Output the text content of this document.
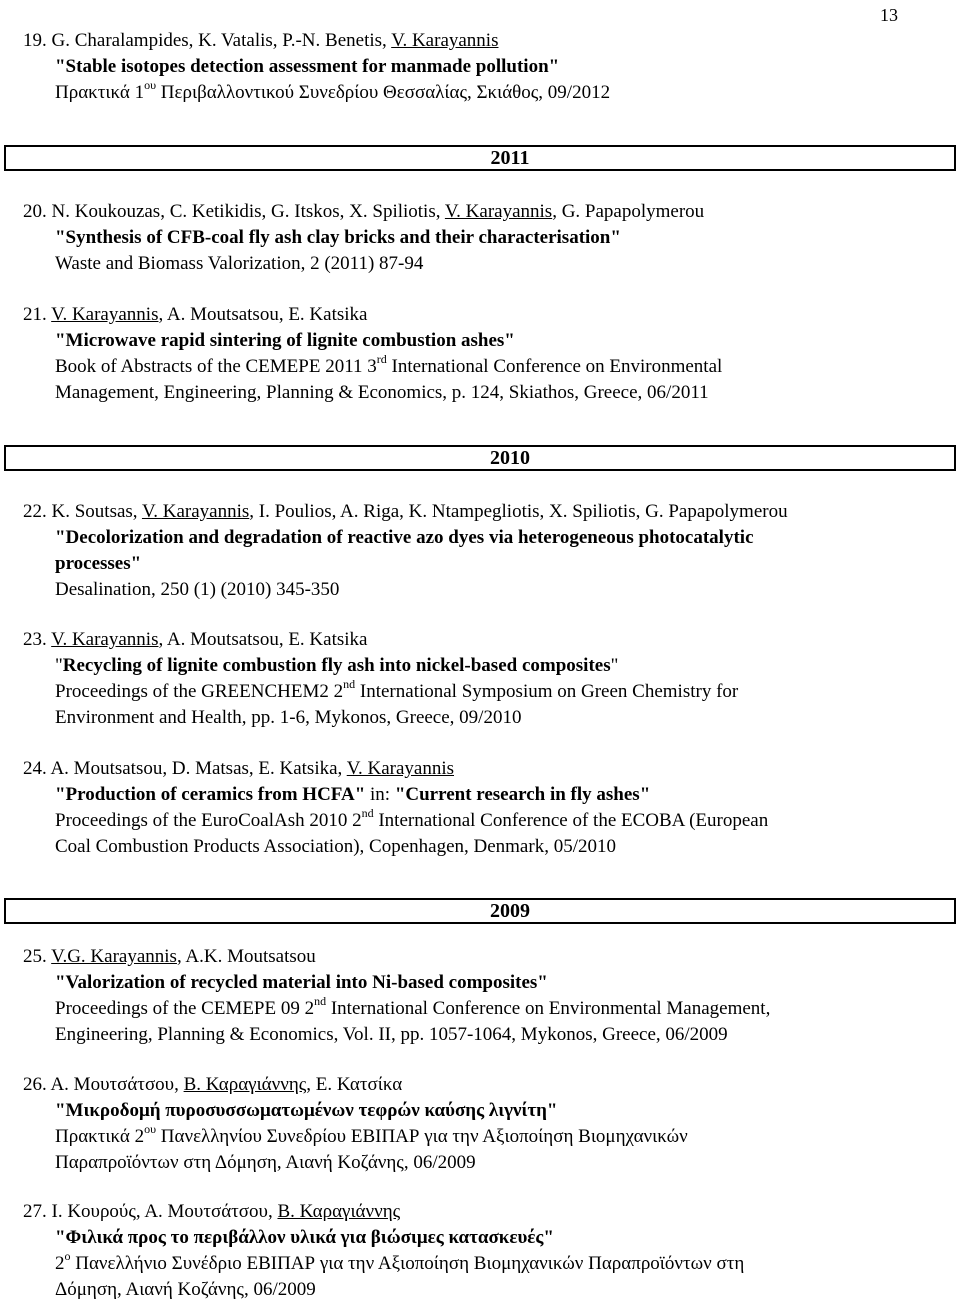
13
19. G. Charalampides, K. Vatalis, P.-N. Benetis, V. Karayannis
"Stable isotopes detection assessment for manmade pollution"
Πρακτικά $1^{o\upsilon}$ Περιβαλλοντικού Συνεδρίου Θεσσαλίας, Σκιάθος, 09/2012
2011
20. N. Koukouzas, C. Ketikidis, G. Itskos, X. Spiliotis, V. Karayannis, G. Papapolymerou
"Synthesis of CFB-coal fly ash clay bricks and their characterisation"
Waste and Biomass Valorization, 2 (2011) 87-94
21. V. Karayannis, A. Moutsatsou, E. Katsika
"Microwave rapid sintering of lignite combustion ashes"
Book of Abstracts of the CEMEPE 2011 3rd International Conference on Environmental
Management, Engineering, Planning & Economics, p. 124, Skiathos, Greece, 06/2011
2010
22. K. Soutsas, V. Karayannis, I. Poulios, A. Riga, K. Ntampegliotis, X. Spiliotis, G. Papapolymerou
"Decolorization and degradation of reactive azo dyes via heterogeneous photocatalytic
processes"
Desalination, 250 (1) (2010) 345-350
23. V. Karayannis, A. Moutsatsou, E. Katsika
"Recycling of lignite combustion fly ash into nickel-based composites"
Proceedings of the GREENCHEM2 2nd International Symposium on Green Chemistry for
Environment and Health, pp. 1-6, Mykonos, Greece, 09/2010
24. A. Moutsatsou, D. Matsas, E. Katsika, V. Karayannis
"Production of ceramics from HCFA" in: "Current research in fly ashes"
Proceedings of the EuroCoalAsh 2010 2nd International Conference of the ECOBA (European
Coal Combustion Products Association), Copenhagen, Denmark, 05/2010
2009
25. V.G. Karayannis, A.K. Moutsatsou
"Valorization of recycled material into Ni-based composites"
Proceedings of the CEMEPE 09 2nd International Conference on Environmental Management,
Engineering, Planning & Economics, Vol. II, pp. 1057-1064, Mykonos, Greece, 06/2009
26. Α. Μουτσάτσου, Β. Καραγιάννης, Ε. Κατσίκα
"Μικροδομή πυροσυσσωματωμένων τεφρών καύσης λιγνίτη"
Πρακτικά $2^{o\upsilon}$ Πανελληνίου Συνεδρίου ΕΒΙΠΑΡ για την Αξιοποίηση Βιομηχανικών
Παραπροϊόντων στη Δόμηση, Αιανή Κοζάνης, 06/2009
27. Ι. Κουρούς, Α. Μουτσάτσου, Β. Καραγιάννης
"Φιλικά προς το περιβάλλον υλικά για βιώσιμες κατασκευές"
$2^o$ Πανελλήνιο Συνέδριο ΕΒΙΠΑΡ για την Αξιοποίηση Βιομηχανικών Παραπροϊόντων στη
Δόμηση, Αιανή Κοζάνης, 06/2009
